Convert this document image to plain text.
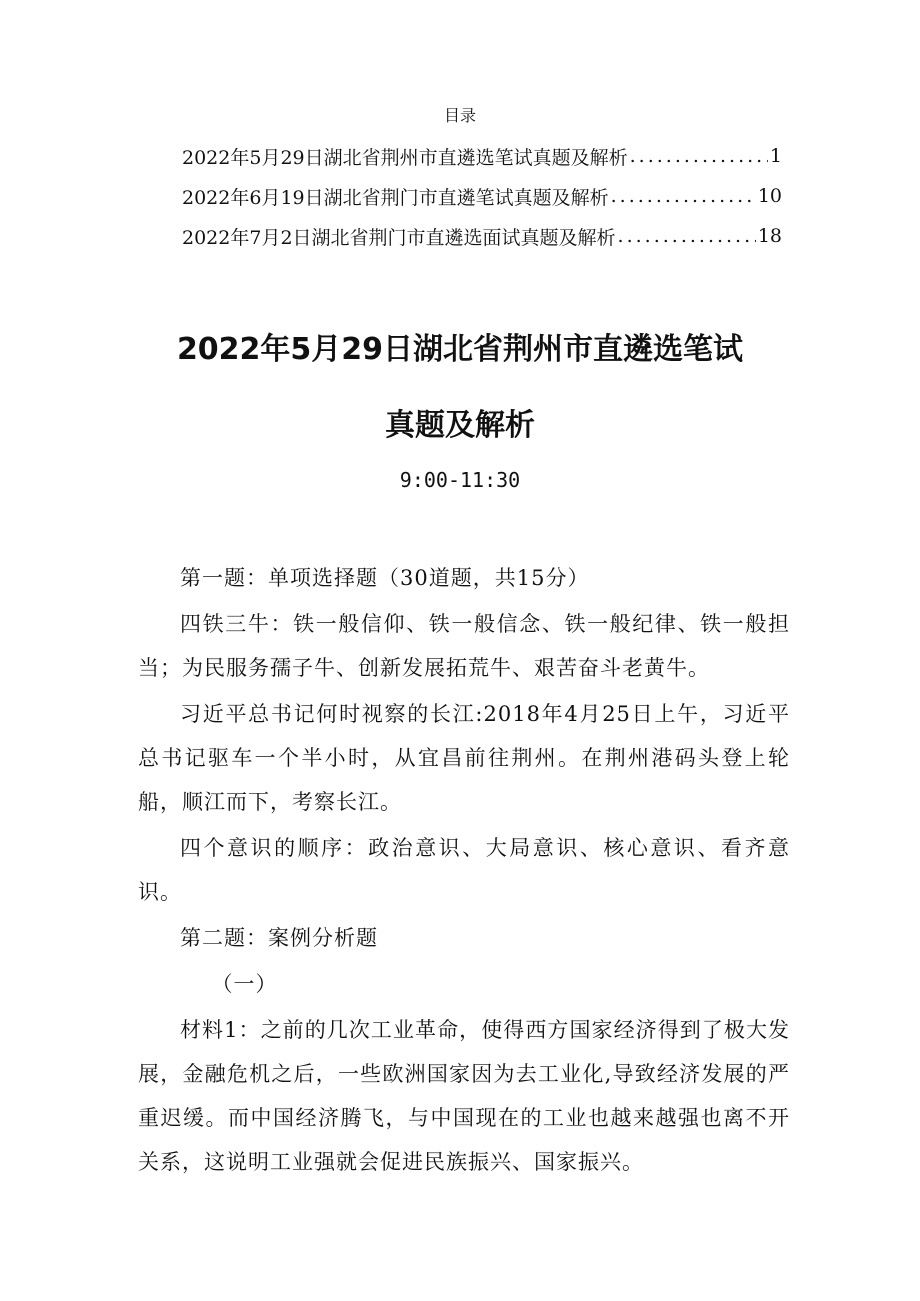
目录
2022年5月29日湖北省荆州市直遴选笔试真题及解析 .....	1
2022年6月19日湖北省荆门市直遴笔试真题及解析 .....	10
2022年7月2日湖北省荆门市直遴选面试真题及解析 .....	18
2022年5月29日湖北省荆州市直遴选笔试
真题及解析
9:00-11:30

第一题：单项选择题（30道题，共15分）

四铁三牛：铁一般信仰、铁一般信念、铁一般纪律、铁一般担当；为民服务孺子牛、创新发展拓荒牛、艰苦奋斗老黄牛。

习近平总书记何时视察的长江:2018年4月25日上午，习近平总书记驱车一个半小时，从宜昌前往荆州。在荆州港码头登上轮船，顺江而下，考察长江。

四个意识的顺序：政治意识、大局意识、核心意识、看齐意识。

第二题：案例分析题

（一）

材料1：之前的几次工业革命，使得西方国家经济得到了极大发展，金融危机之后，一些欧洲国家因为去工业化,导致经济发展的严重迟缓。而中国经济腾飞，与中国现在的工业也越来越强也离不开关系，这说明工业强就会促进民族振兴、国家振兴。
